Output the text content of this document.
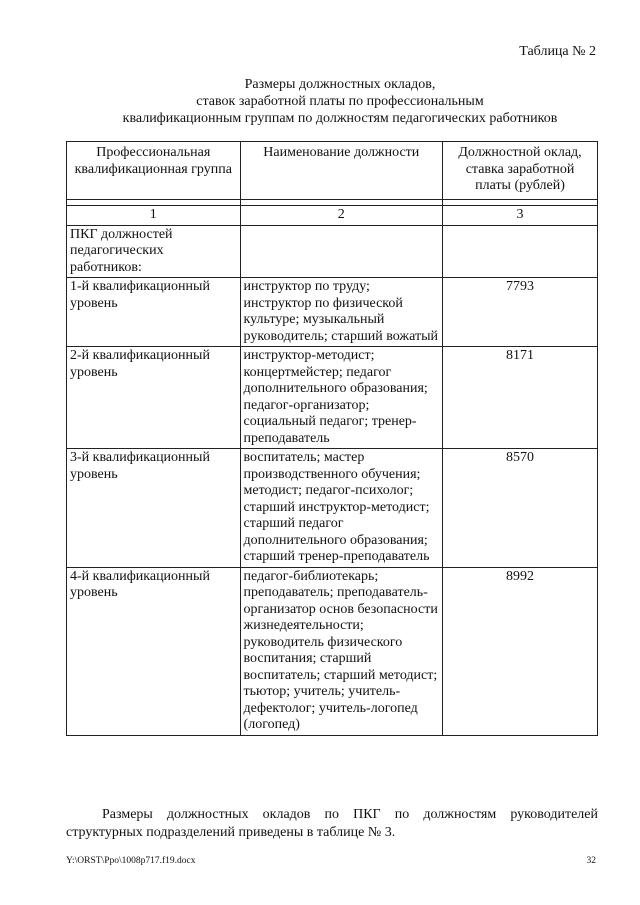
Таблица № 2
Размеры должностных окладов,
ставок заработной платы по профессиональным
квалификационным группам по должностям педагогических работников
Профессиональная квалификационная группа	Наименование должности	Должностной оклад, ставка заработной платы (рублей)

1	2	3
ПКГ должностей педагогических работников:		
1-й квалификационный уровень	инструктор по труду; инструктор по физической культуре; музыкальный руководитель; старший вожатый	7793
2-й квалификационный уровень	инструктор-методист; концертмейстер; педагог дополнительного образования; педагог-организатор; социальный педагог; тренер-преподаватель	8171
3-й квалификационный уровень	воспитатель; мастер производственного обучения; методист; педагог-психолог; старший инструктор-методист; старший педагог дополнительного образования; старший тренер-преподаватель	8570
4-й квалификационный уровень	педагог-библиотекарь; преподаватель; преподаватель-организатор основ безопасности жизнедеятельности; руководитель физического воспитания; старший воспитатель; старший методист; тьютор; учитель; учитель-дефектолог; учитель-логопед (логопед)	8992

Размеры должностных окладов по ПКГ по должностям руководителей структурных подразделений приведены в таблице № 3.

Y:\ORST\Ppo\1008p717.f19.docx	32
